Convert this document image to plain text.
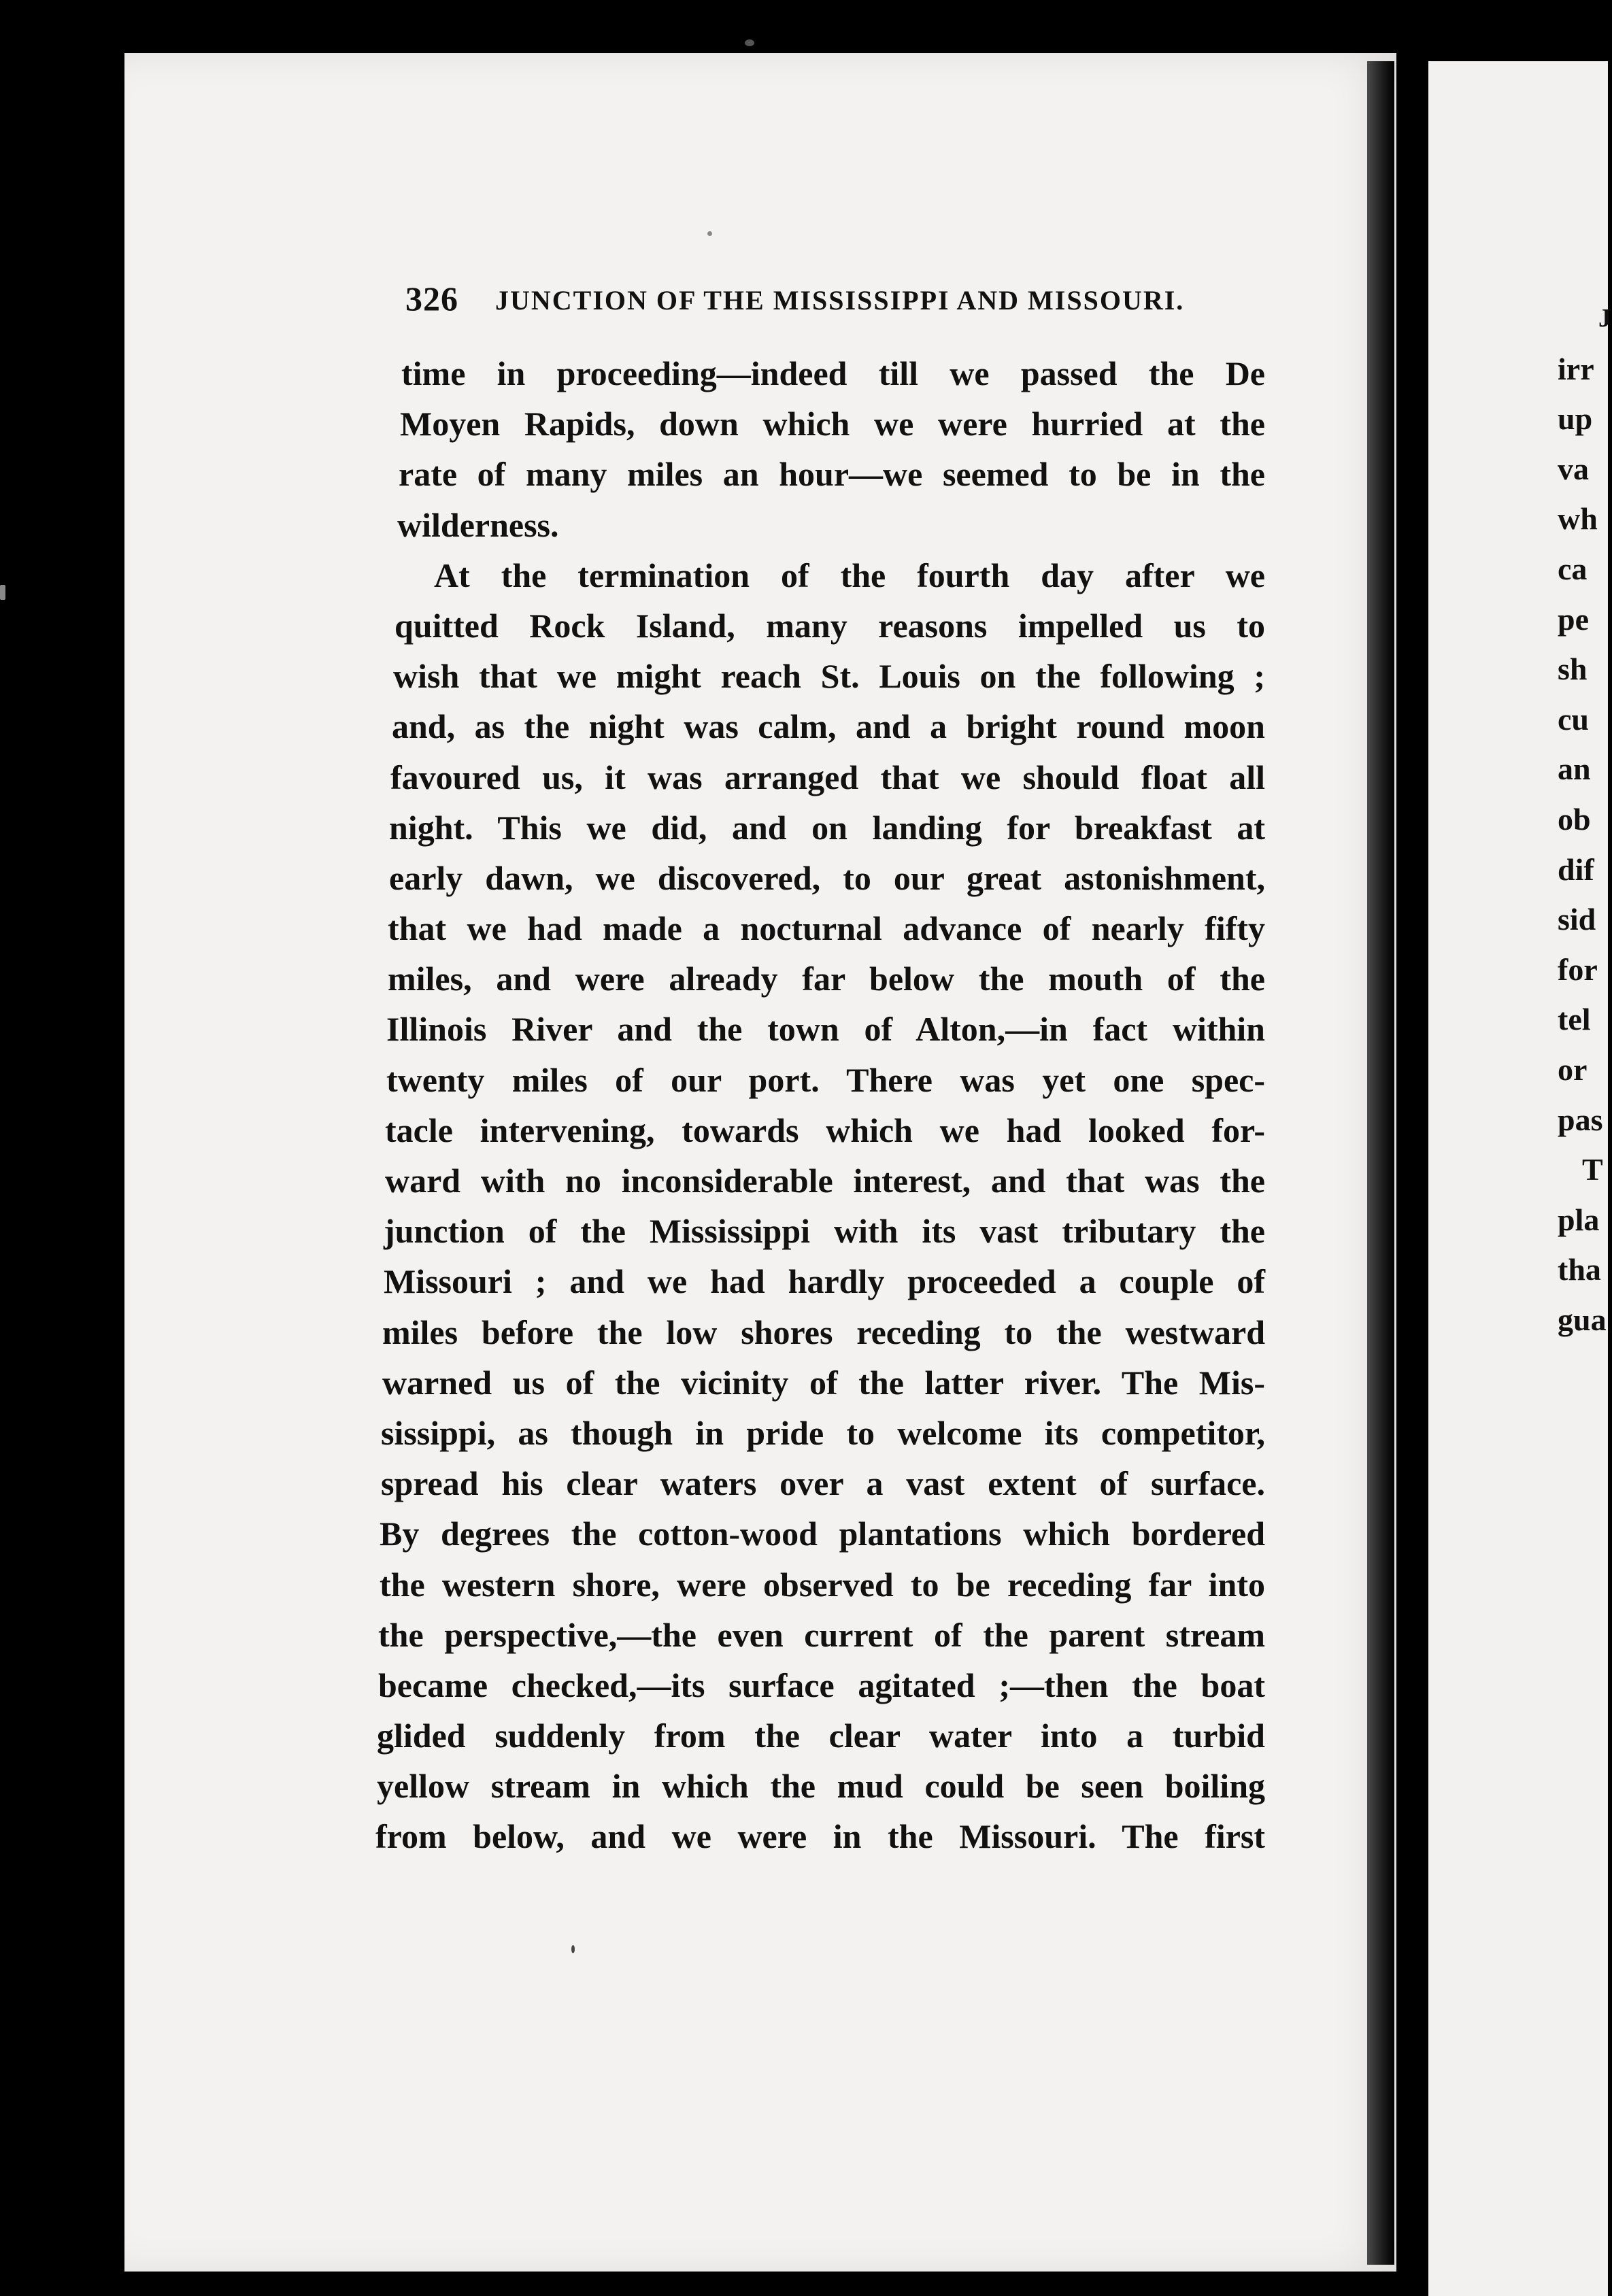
326 JUNCTION OF THE MISSISSIPPI AND MISSOURI.
time in proceeding—indeed till we passed the De
Moyen Rapids, down which we were hurried at the
rate of many miles an hour—we seemed to be in the
wilderness.
At the termination of the fourth day after we
quitted Rock Island, many reasons impelled us to
wish that we might reach St. Louis on the following ;
and, as the night was calm, and a bright round moon
favoured us, it was arranged that we should float all
night. This we did, and on landing for breakfast at
early dawn, we discovered, to our great astonishment,
that we had made a nocturnal advance of nearly fifty
miles, and were already far below the mouth of the
Illinois River and the town of Alton,—in fact within
twenty miles of our port. There was yet one spec-
tacle intervening, towards which we had looked for-
ward with no inconsiderable interest, and that was the
junction of the Mississippi with its vast tributary the
Missouri ; and we had hardly proceeded a couple of
miles before the low shores receding to the westward
warned us of the vicinity of the latter river. The Mis-
sissippi, as though in pride to welcome its competitor,
spread his clear waters over a vast extent of surface.
By degrees the cotton-wood plantations which bordered
the western shore, were observed to be receding far into
the perspective,—the even current of the parent stream
became checked,—its surface agitated ;—then the boat
glided suddenly from the clear water into a turbid
yellow stream in which the mud could be seen boiling
from below, and we were in the Missouri. The first
J
irr
up
va
wh
ca
pe
sh
cu
an
ob
dif
sid
for
tel
or
pas
T
pla
tha
gua
